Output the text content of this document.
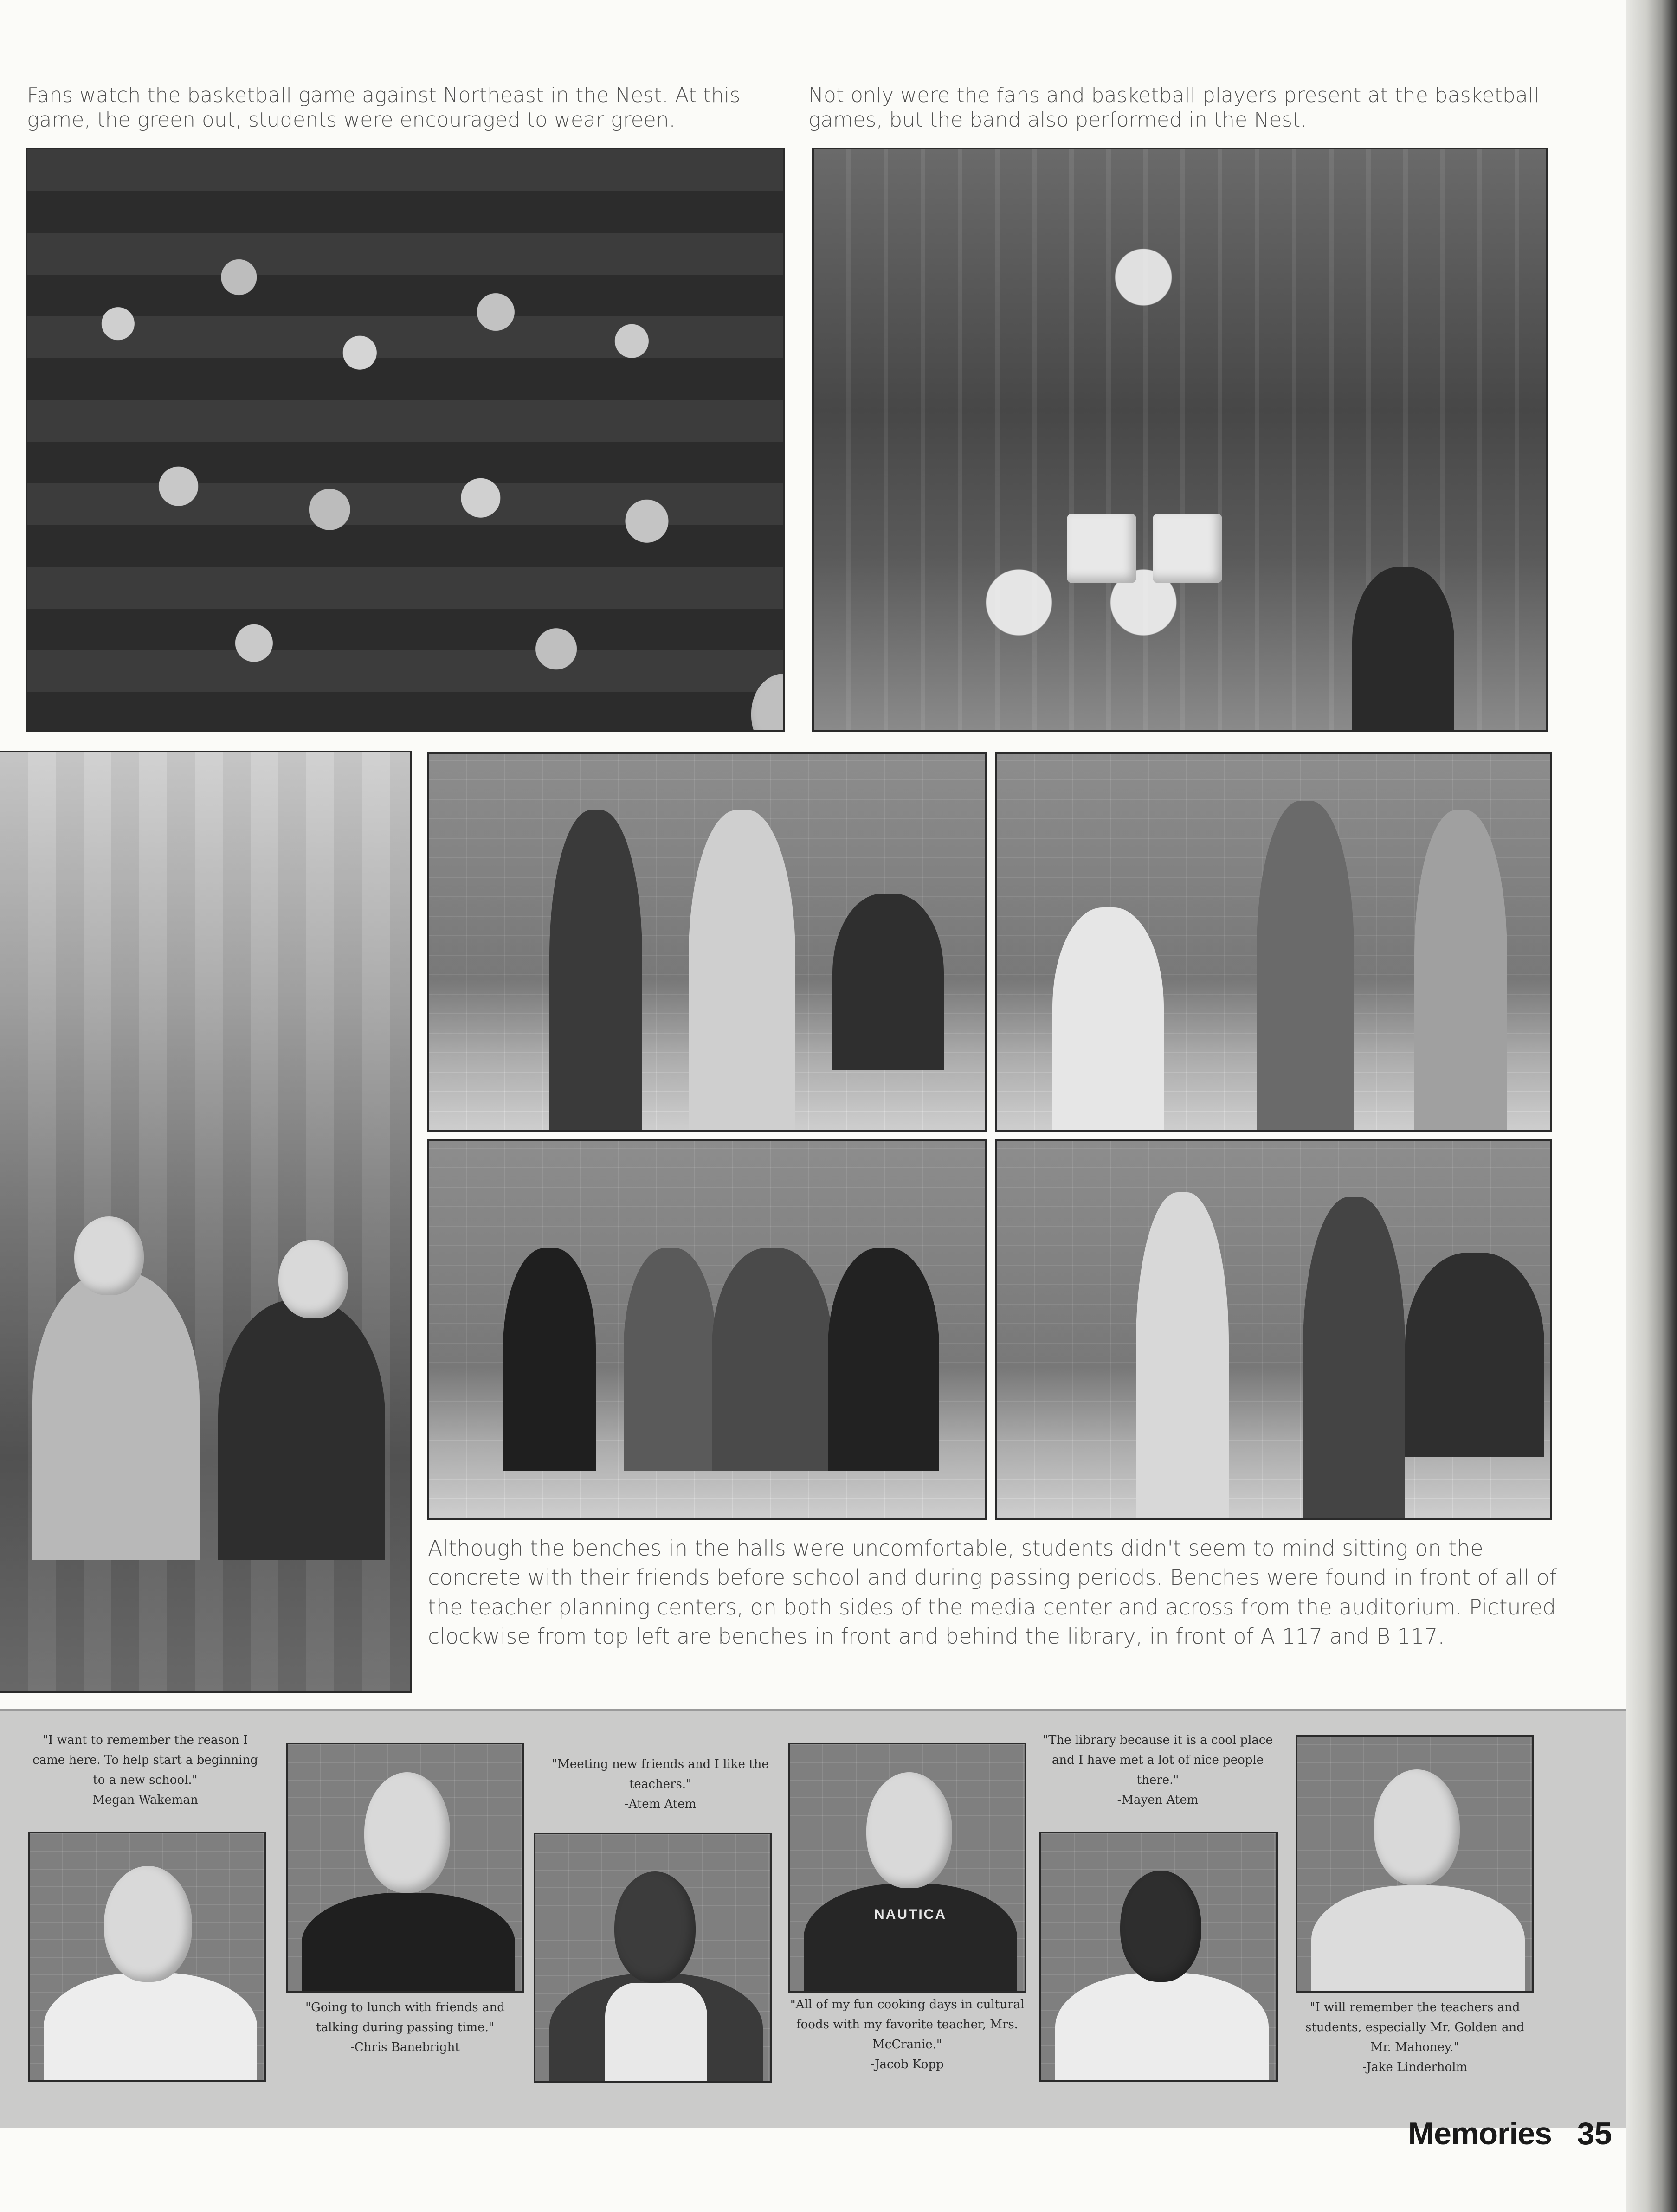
Fans watch the basketball game against Northeast in the Nest. At this game, the green out, students were encouraged to wear green.
Not only were the fans and basketball players present at the basketball games, but the band also performed in the Nest.
Although the benches in the halls were uncomfortable, students didn't seem to mind sitting on the concrete with their friends before school and during passing periods. Benches were found in front of all of the teacher planning centers, on both sides of the media center and across from the auditorium. Pictured clockwise from top left are benches in front and behind the library, in front of A 117 and B 117.
"I want to remember the reason I came here. To help start a beginning to a new school."
Megan Wakeman
"Going to lunch with friends and talking during passing time."
-Chris Banebright
"Meeting new friends and I like the teachers."
-Atem Atem
NAUTICA
"All of my fun cooking days in cultural foods with my favorite teacher, Mrs. McCranie."
-Jacob Kopp
"The library because it is a cool place and I have met a lot of nice people there."
-Mayen Atem
"I will remember the teachers and students, especially Mr. Golden and Mr. Mahoney."
-Jake Linderholm
Memories 35
